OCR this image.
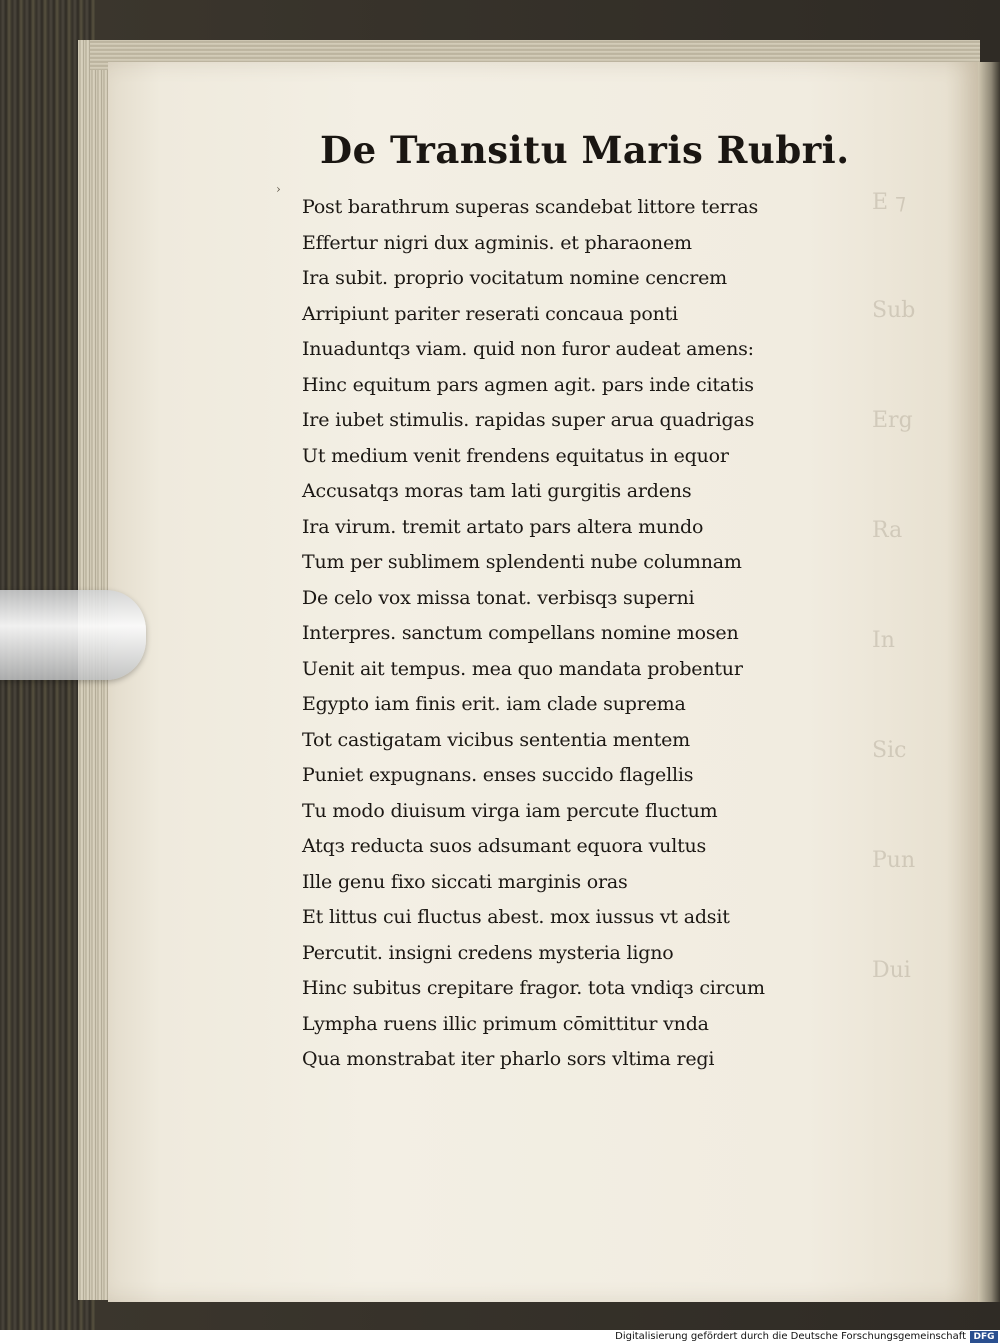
E ⁊
Sub
Erg
Ra
In
Sic
Pun
Dui
›
De Transitu Maris Rubri.
Post barathrum superas scandebat littore terras
Effertur nigri dux agminis. et pharaonem
Ira subit. proprio vocitatum nomine cencrem
Arripiunt pariter reserati concaua ponti
Inuaduntqз viam. quid non furor audeat amens:
Hinc equitum pars agmen agit. pars inde citatis
Ire iubet stimulis. rapidas super arua quadrigas
Ut medium venit frendens equitatus in equor
Accusatqз moras tam lati gurgitis ardens
Ira virum. tremit artato pars altera mundo
Tum per sublimem splendenti nube columnam
De celo vox missa tonat. verbisqз superni
Interpres. sanctum compellans nomine mosen
Uenit ait tempus. mea quo mandata probentur
Egypto iam finis erit. iam clade suprema
Tot castigatam vicibus sententia mentem
Puniet expugnans. enses succido flagellis
Tu modo diuisum virga iam percute fluctum
Atqз reducta suos adsumant equora vultus
Ille genu fixo siccati marginis oras
Et littus cui fluctus abest. mox iussus vt adsit
Percutit. insigni credens mysteria ligno
Hinc subitus crepitare fragor. tota vndiqз circum
Lympha ruens illic primum cōmittitur vnda
Qua monstrabat iter pharlo sors vltima regi
Digitalisierung gefördert durch die Deutsche Forschungsgemeinschaft DFG
